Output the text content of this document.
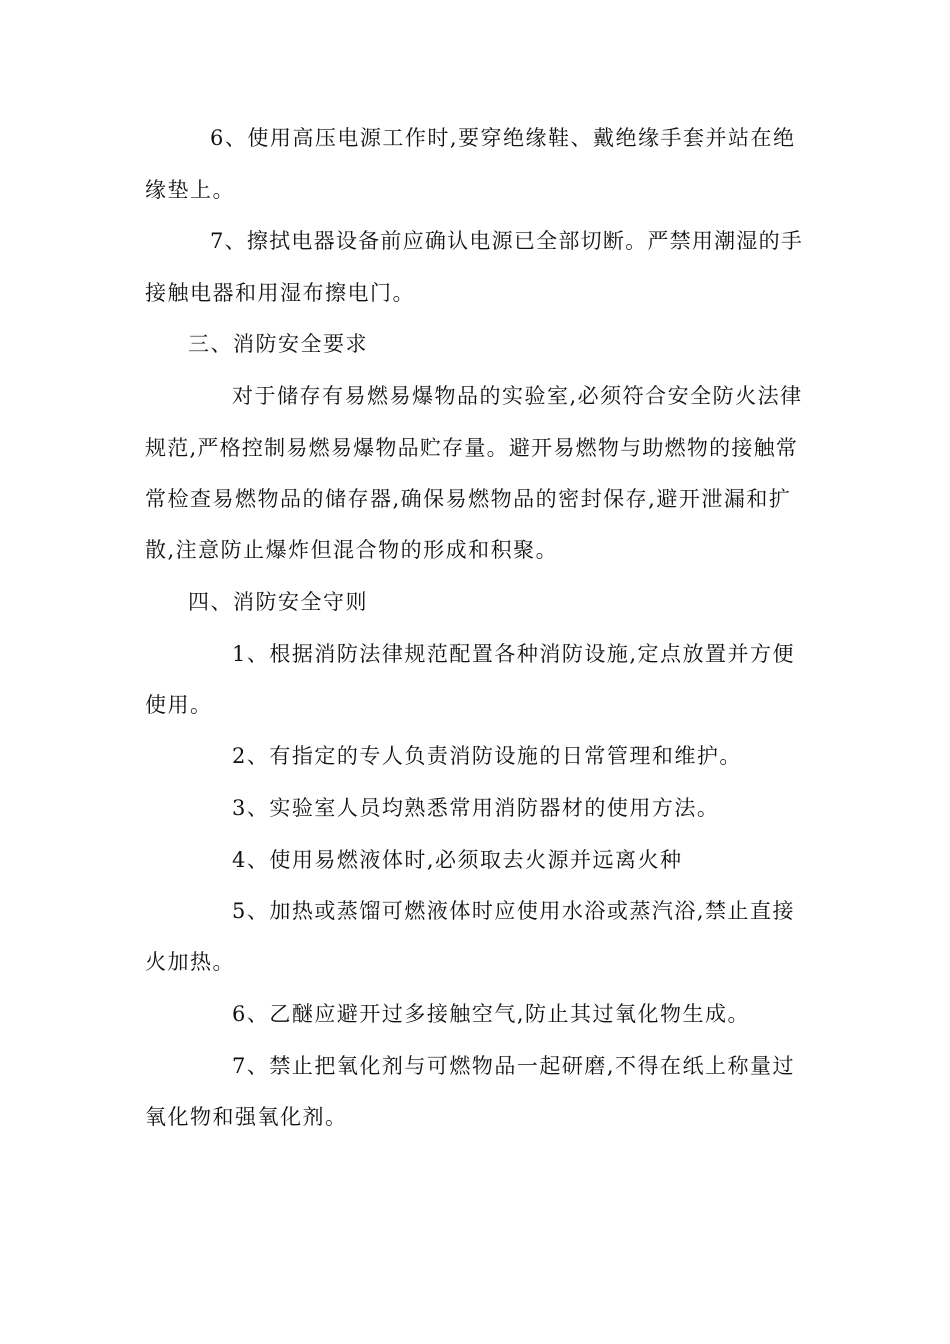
6、使用高压电源工作时,要穿绝缘鞋、戴绝缘手套并站在绝
缘垫上。
7、擦拭电器设备前应确认电源已全部切断。严禁用潮湿的手
接触电器和用湿布擦电门。
三、消防安全要求
对于储存有易燃易爆物品的实验室,必须符合安全防火法律
规范,严格控制易燃易爆物品贮存量。避开易燃物与助燃物的接触常
常检查易燃物品的储存器,确保易燃物品的密封保存,避开泄漏和扩
散,注意防止爆炸但混合物的形成和积聚。
四、消防安全守则
1、根据消防法律规范配置各种消防设施,定点放置并方便
使用。
2、有指定的专人负责消防设施的日常管理和维护。
3、实验室人员均熟悉常用消防器材的使用方法。
4、使用易燃液体时,必须取去火源并远离火种
5、加热或蒸馏可燃液体时应使用水浴或蒸汽浴,禁止直接
火加热。
6、乙醚应避开过多接触空气,防止其过氧化物生成。
7、禁止把氧化剂与可燃物品一起研磨,不得在纸上称量过
氧化物和强氧化剂。
